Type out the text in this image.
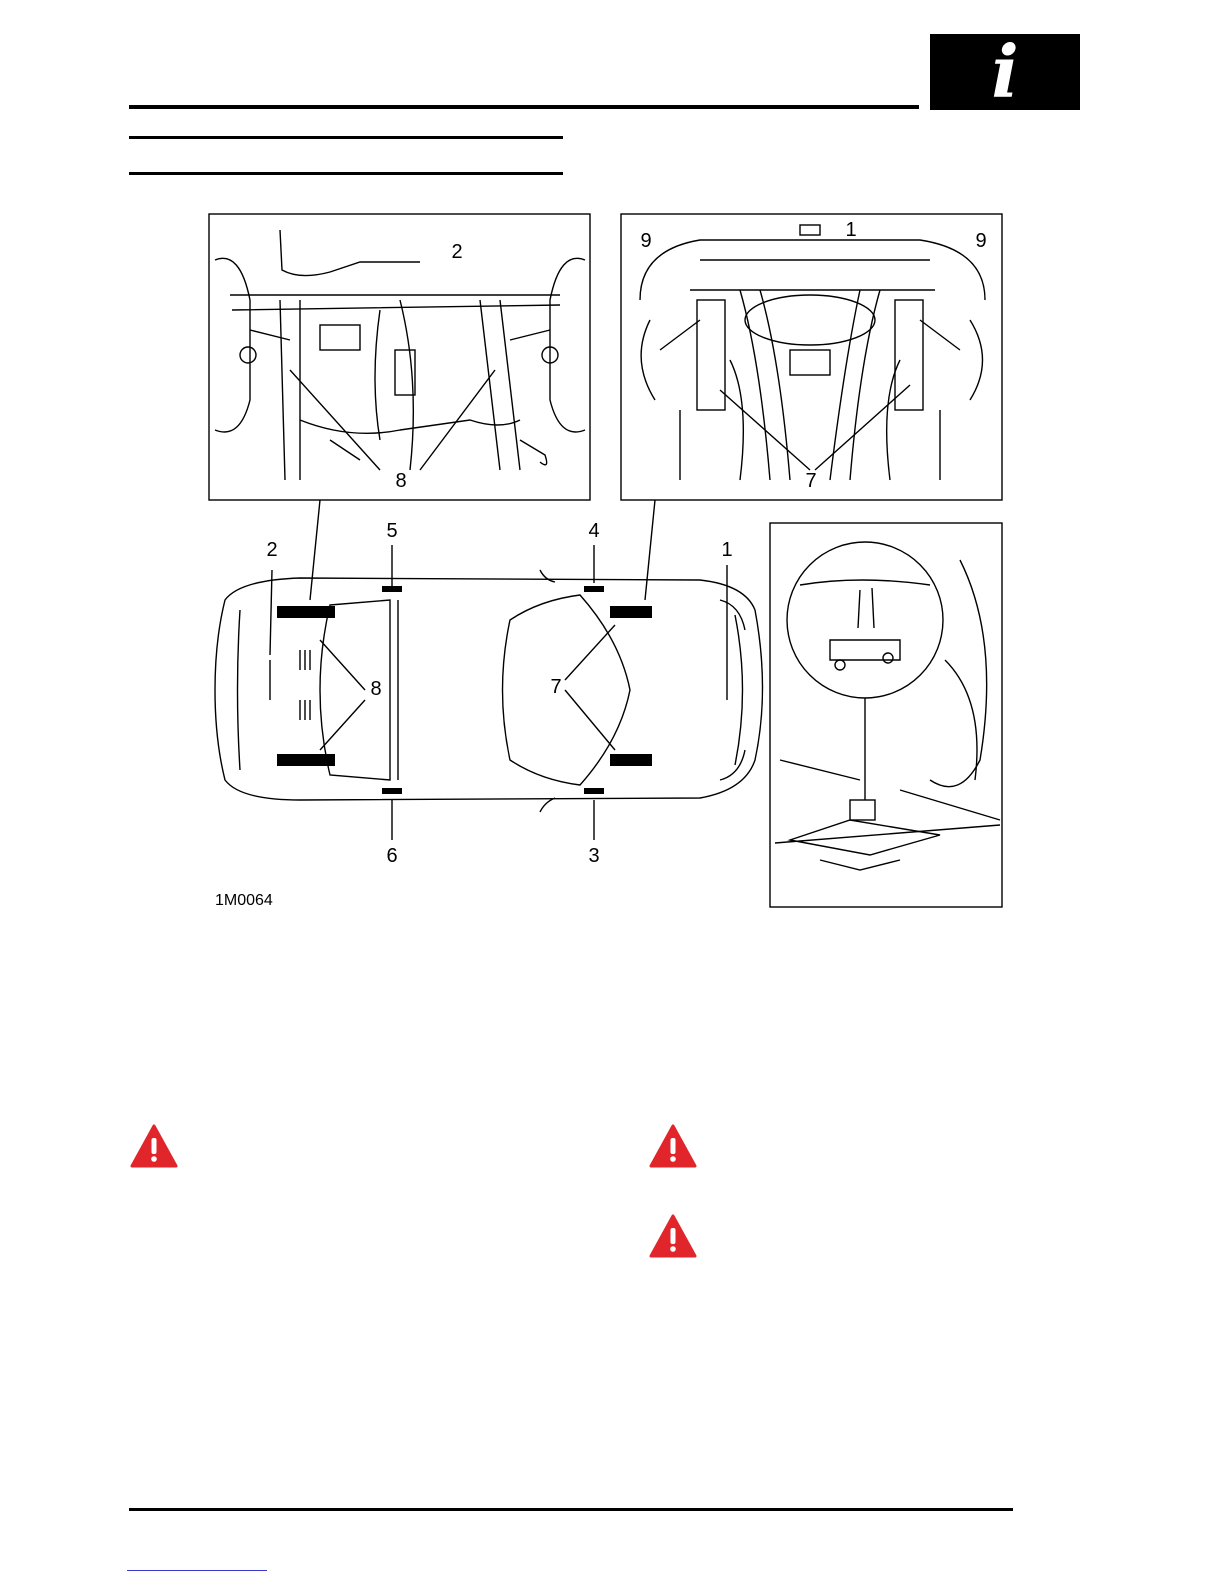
i
2
8
1
9	9
7
2	1
5
6
4
3
8	7
1M0064
